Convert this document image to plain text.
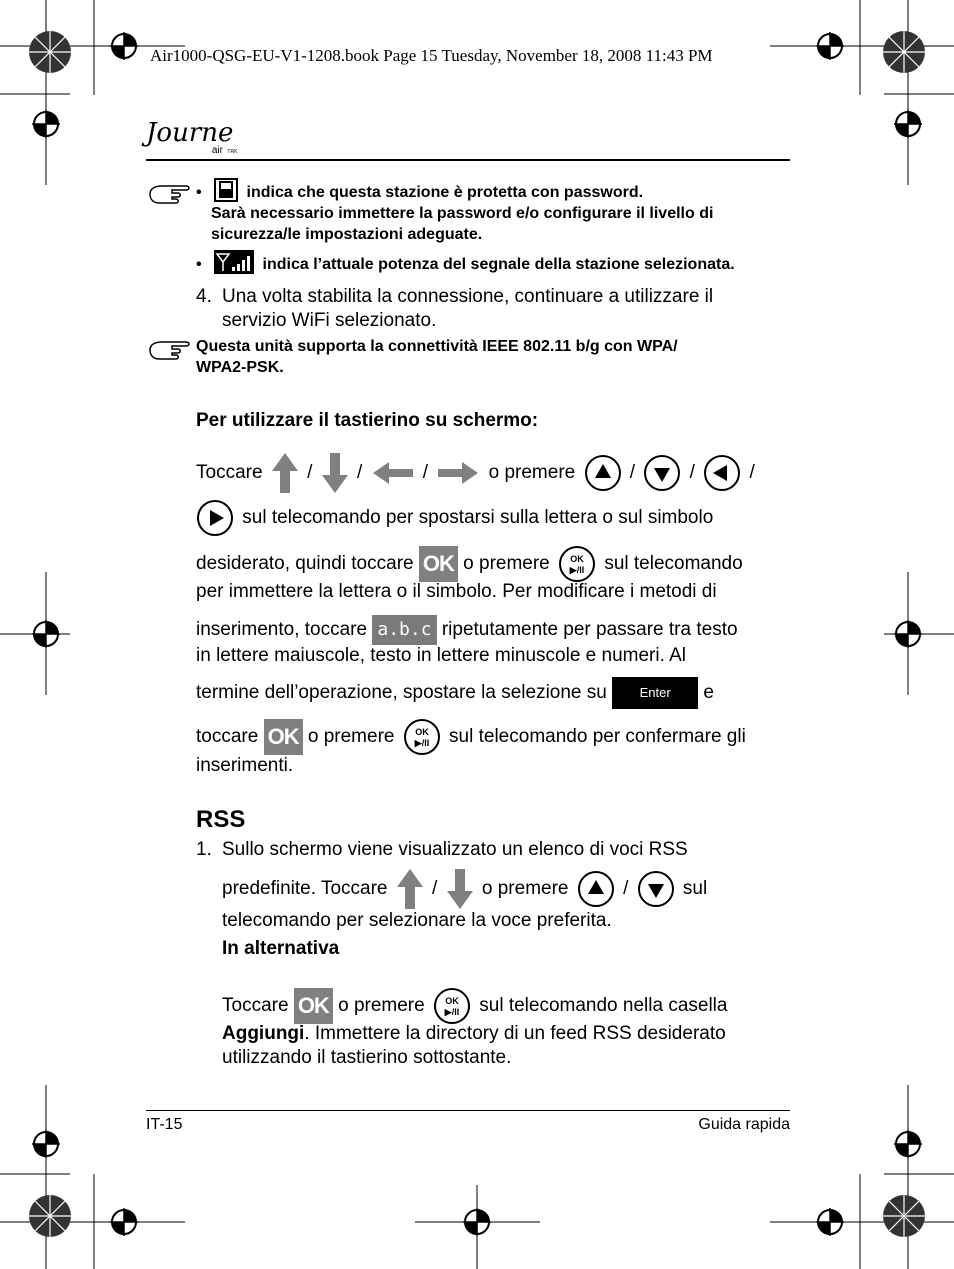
Air1000-QSG-EU-V1-1208.book Page 15 Tuesday, November 18, 2008 11:43 PM
Journe $_{air}$ $_{TRK}$
•	indica che questa stazione è protetta con password.
Sarà necessario immettere la password e/o configurare il livello di
sicurezza/le impostazioni adeguate.
•	indica l’attuale potenza del segnale della stazione selezionata.
4. Una volta stabilita la connessione, continuare a utilizzare il
servizio WiFi selezionato.
Questa unità supporta la connettività IEEE 802.11 b/g con WPA/
WPA2-PSK.
Per utilizzare il tastierino su schermo:
Toccare / /	/	o premere	/	/	/
sul telecomando per spostarsi sulla lettera o sul simbolo
desiderato, quindi toccare OK o premere OK
▶/II sul telecomando
per immettere la lettera o il simbolo. Per modificare i metodi di
inserimento, toccare a.b.c ripetutamente per passare tra testo
in lettere maiuscole, testo in lettere minuscole e numeri. Al
termine dell’operazione, spostare la selezione su	Enter e
toccare OK o premere OK
▶/II sul telecomando per confermare gli
inserimenti.
RSS
1. Sullo schermo viene visualizzato un elenco di voci RSS
predefinite. Toccare / o premere	/	sul
telecomando per selezionare la voce preferita.
In alternativa
Toccare OK o premere OK
▶/II sul telecomando nella casella
Aggiungi. Immettere la directory di un feed RSS desiderato
utilizzando il tastierino sottostante.
IT-15	Guida rapida
